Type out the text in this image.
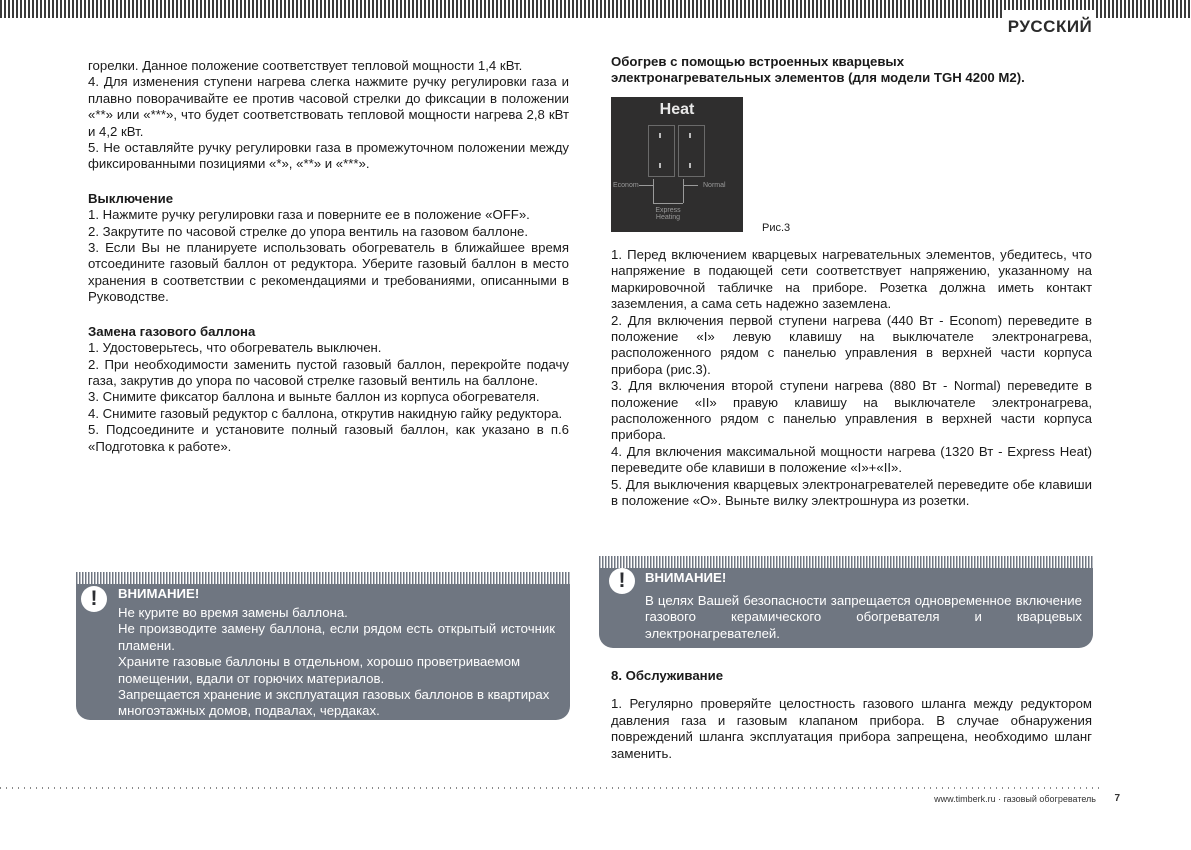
РУССКИЙ

горелки. Данное положение соответствует тепловой мощности 1,4 кВт.

4. Для изменения ступени нагрева слегка нажмите ручку регулировки газа и плавно поворачивайте ее против часовой стрелки до фиксации в положении «**» или «***», что будет соответствовать тепловой мощности нагрева 2,8 кВт и 4,2 кВт.

5. Не оставляйте ручку регулировки газа в промежуточном положении между фиксированными позициями «*», «**» и «***».

Выключение

1. Нажмите ручку регулировки газа и поверните ее в положение «OFF».

2. Закрутите по часовой стрелке до упора вентиль на газовом баллоне.

3. Если Вы не планируете использовать обогреватель в ближайшее время отсоедините газовый баллон от редуктора. Уберите газовый баллон в место хранения в соответствии с рекомендациями и требованиями, описанными в Руководстве.

Замена газового баллона

1. Удостоверьтесь, что обогреватель выключен.

2. При необходимости заменить пустой газовый баллон, перекройте подачу газа, закрутив до упора по часовой стрелке газовый вентиль на баллоне.

3. Снимите фиксатор баллона и выньте баллон из корпуса обогревателя.

4. Снимите газовый редуктор с баллона, открутив накидную гайку редуктора.

5. Подсоедините и установите полный газовый баллон, как указано в п.6 «Подготовка к работе».

!	ВНИМАНИЕ!

Не курите во время замены баллона.

Не производите замену баллона, если рядом есть открытый источник пламени.

Храните газовые баллоны в отдельном, хорошо проветриваемом помещении, вдали от горючих материалов.

Запрещается хранение и эксплуатация газовых баллонов в квартирах многоэтажных домов, подвалах, чердаках.

Обогрев с помощью встроенных кварцевых электронагревательных элементов (для модели TGH 4200 M2).
Heat
Econom	Normal
Express Heating
Рис.3

1. Перед включением кварцевых нагревательных элементов, убедитесь, что напряжение в подающей сети соответствует напряжению, указанному на маркировочной табличке на приборе. Розетка должна иметь контакт заземления, а сама сеть надежно заземлена.

2. Для включения первой ступени нагрева (440 Вт - Econom) переведите в положение «I» левую клавишу на выключателе электронагрева, расположенного рядом с панелью управления в верхней части корпуса прибора (рис.3).

3. Для включения второй ступени нагрева (880 Вт - Normal) переведите в положение «II» правую клавишу на выключателе электронагрева, расположенного рядом с панелью управления в верхней части корпуса прибора.

4. Для включения максимальной мощности нагрева (1320 Вт - Express Heat) переведите обе клавиши в положение «I»+«II».

5. Для выключения кварцевых электронагревателей переведите обе клавиши в положение «O». Выньте вилку электрошнура из розетки.

!	ВНИМАНИЕ!

В целях Вашей безопасности запрещается одновременное включение газового керамического обогревателя и кварцевых электронагревателей.

8. Обслуживание

1. Регулярно проверяйте целостность газового шланга между редуктором давления газа и газовым клапаном прибора. В случае обнаружения повреждений шланга эксплуатация прибора запрещена, необходимо шланг заменить.

www.timberk.ru · газовый обогреватель 7
